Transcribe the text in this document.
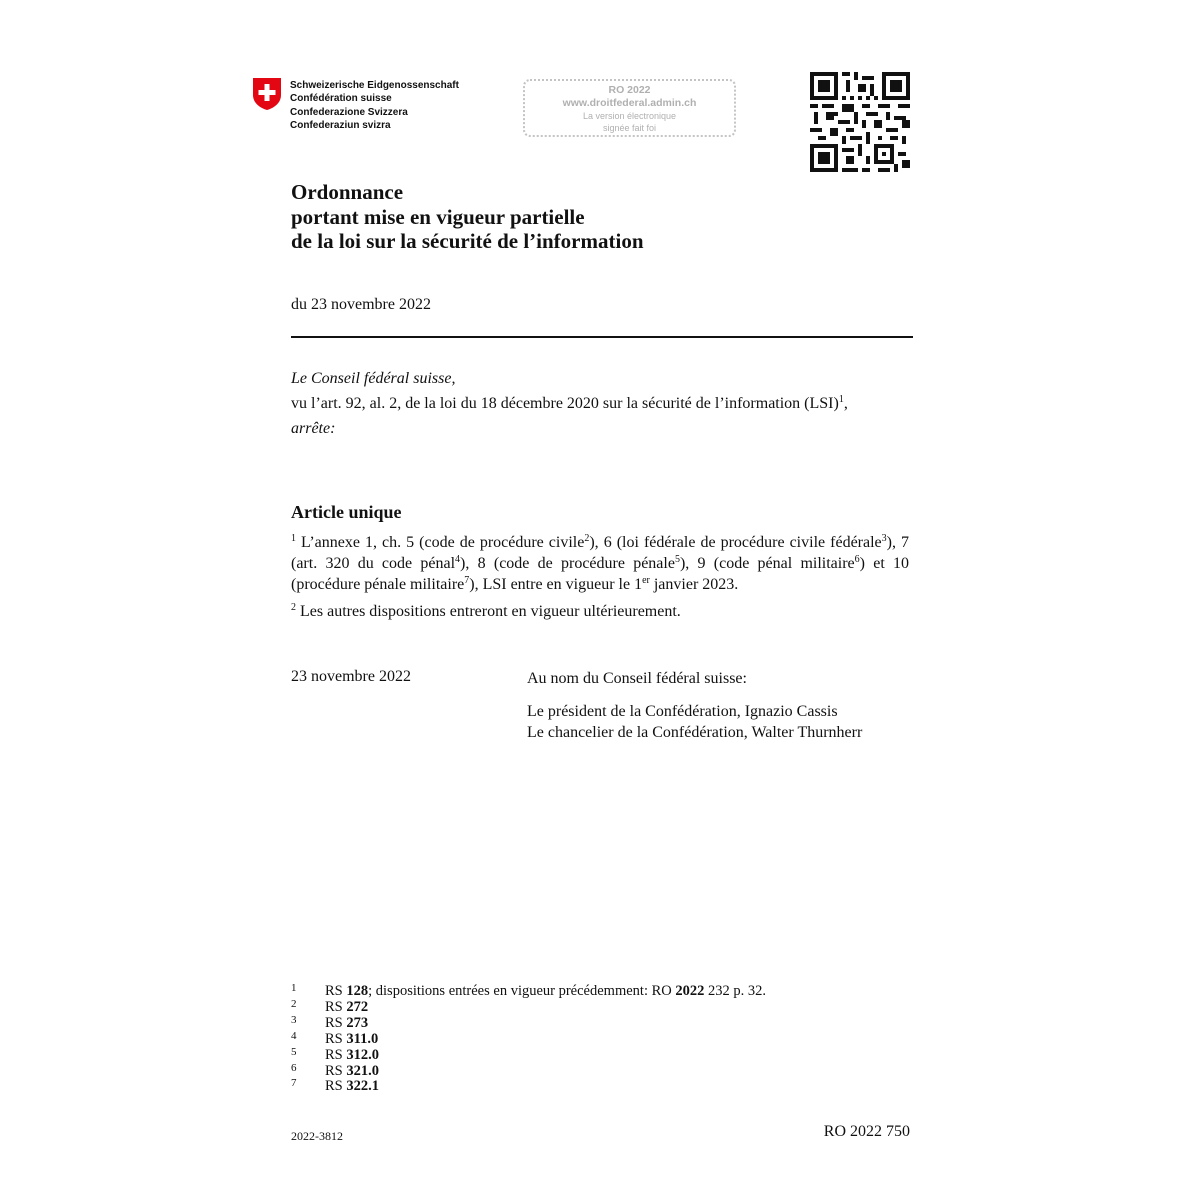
Schweizerische Eidgenossenschaft
Confédération suisse
Confederazione Svizzera
Confederaziun svizra
RO 2022
www.droitfederal.admin.ch
La version électronique
signée fait foi
Ordonnance
portant mise en vigueur partielle
de la loi sur la sécurité de l’information
du 23 novembre 2022
Le Conseil fédéral suisse,
vu l’art. 92, al. 2, de la loi du 18 décembre 2020 sur la sécurité de l’information (LSI)$^1$,
arrête:
Article unique
$^1$ L’annexe 1, ch. 5 (code de procédure civile$^2$), 6 (loi fédérale de procédure civile fédérale$^3$), 7 (art. 320 du code pénal$^4$), 8 (code de procédure pénale$^5$), 9 (code pénal militaire$^6$) et 10 (procédure pénale militaire$^7$), LSI entre en vigueur le 1er janvier 2023.
$^2$ Les autres dispositions entreront en vigueur ultérieurement.
23 novembre 2022	Au nom du Conseil fédéral suisse:
Le président de la Confédération, Ignazio Cassis
Le chancelier de la Confédération, Walter Thurnherr
1	RS 128; dispositions entrées en vigueur précédemment: RO 2022 232 p. 32.
2	RS 272
3	RS 273
4	RS 311.0
5	RS 312.0
6	RS 321.0
7	RS 322.1
2022-3812	RO 2022 750
